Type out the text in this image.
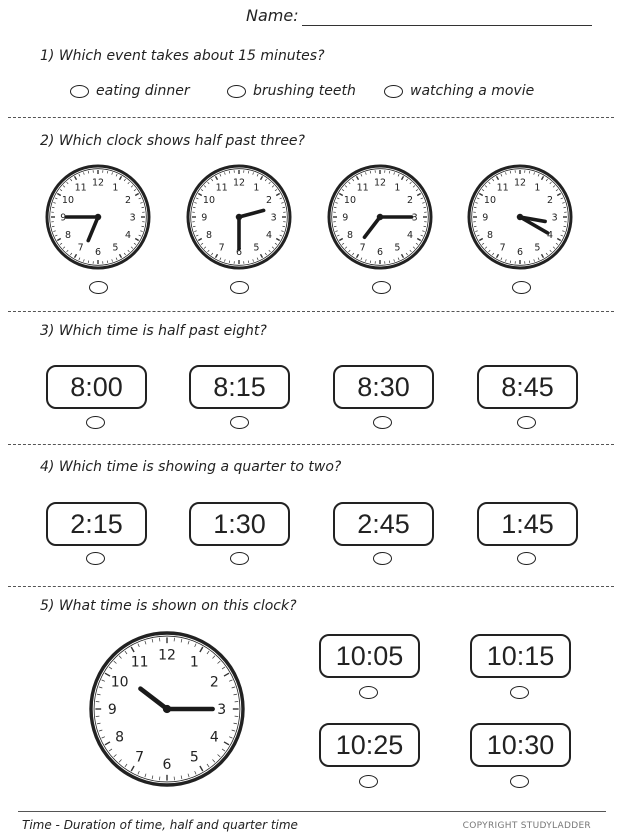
Name:
1) Which event takes about 15 minutes?
eating dinner	brushing teeth	watching a movie
2) Which clock shows half past three?
12 1
2
3
4
5
6
7
8
9
10
11	12 1
2
3
4
5
6
7
8
9
10
11	12 1
2
3
4
5
6
7
8
9
10
11	12 1
2
3
4
5
6
7
8
9
10
11
3) Which time is half past eight?
8:00	8:15	8:30	8:45
4) Which time is showing a quarter to two?
2:15	1:30	2:45	1:45
5) What time is shown on this clock?
12 1
2
3
4
5
6
7
8
9
10
11	10:05	10:15
10:25	10:30
Time - Duration of time, half and quarter time	COPYRIGHT STUDYLADDER
